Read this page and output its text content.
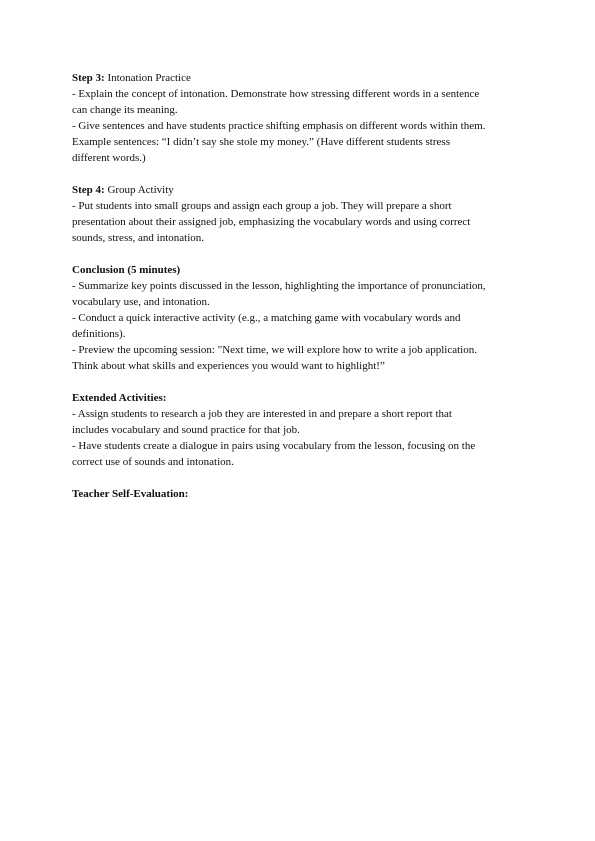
Step 3: Intonation Practice
- Explain the concept of intonation. Demonstrate how stressing different words in a sentence
can change its meaning.
- Give sentences and have students practice shifting emphasis on different words within them.
Example sentences: “I didn’t say she stole my money.” (Have different students stress
different words.)
Step 4: Group Activity
- Put students into small groups and assign each group a job. They will prepare a short
presentation about their assigned job, emphasizing the vocabulary words and using correct
sounds, stress, and intonation.
Conclusion (5 minutes)
- Summarize key points discussed in the lesson, highlighting the importance of pronunciation,
vocabulary use, and intonation.
- Conduct a quick interactive activity (e.g., a matching game with vocabulary words and
definitions).
- Preview the upcoming session: "Next time, we will explore how to write a job application.
Think about what skills and experiences you would want to highlight!”
Extended Activities:
- Assign students to research a job they are interested in and prepare a short report that
includes vocabulary and sound practice for that job.
- Have students create a dialogue in pairs using vocabulary from the lesson, focusing on the
correct use of sounds and intonation.
Teacher Self-Evaluation:
